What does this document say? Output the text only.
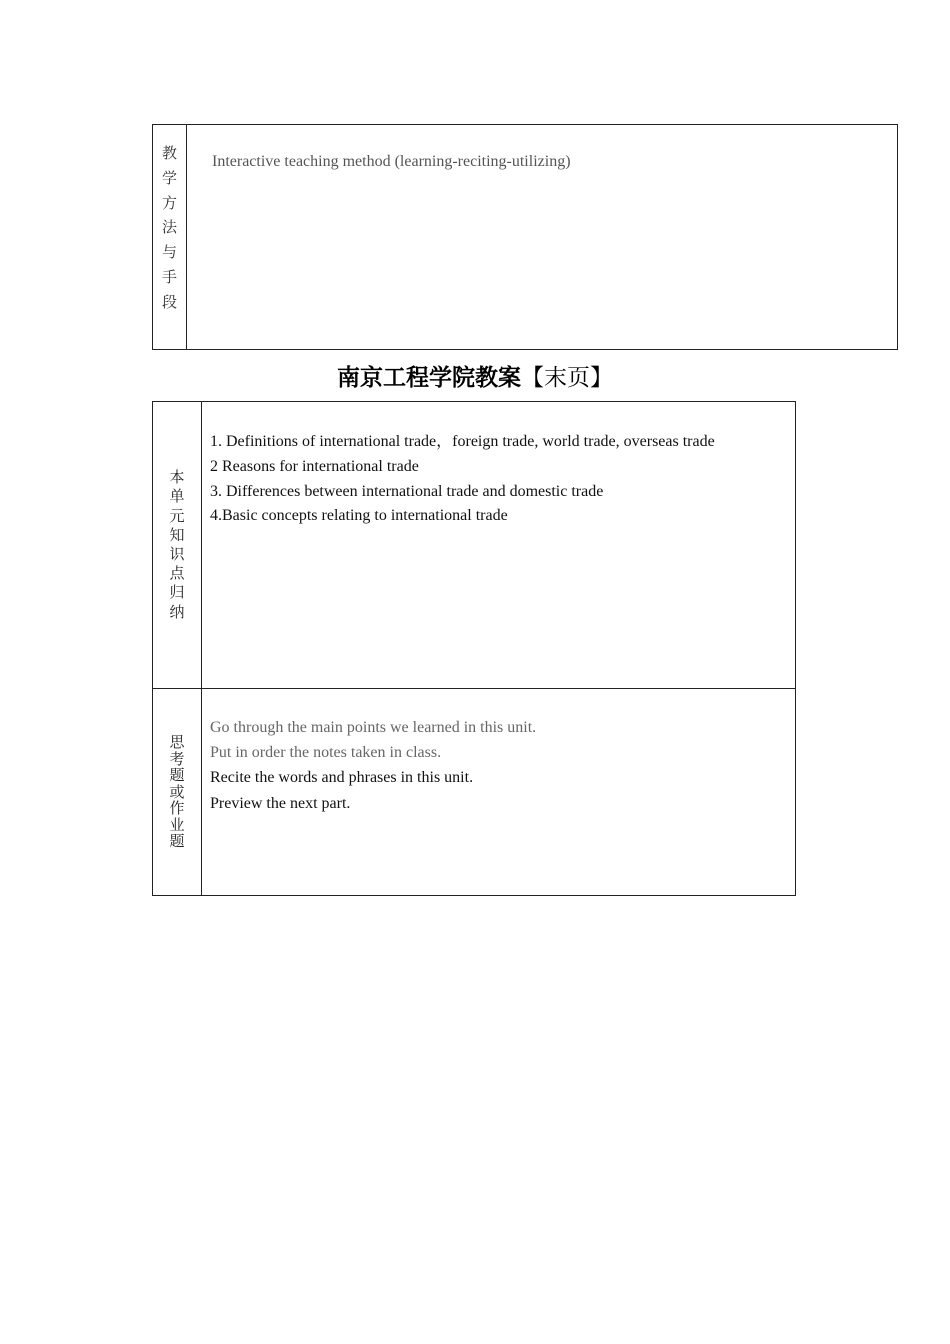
教
学
方
法
与
手
段
Interactive teaching method (learning-reciting-utilizing)
南京工程学院教案【末页】
本
单
元
知
识
点
归
纳
1. Definitions of international trade，foreign trade, world trade, overseas trade
2 Reasons for international trade
3. Differences between international trade and domestic trade
4.Basic concepts relating to international trade
思
考
题
或
作
业
题
Go through the main points we learned in this unit.
Put in order the notes taken in class.
Recite the words and phrases in this unit.
Preview the next part.
